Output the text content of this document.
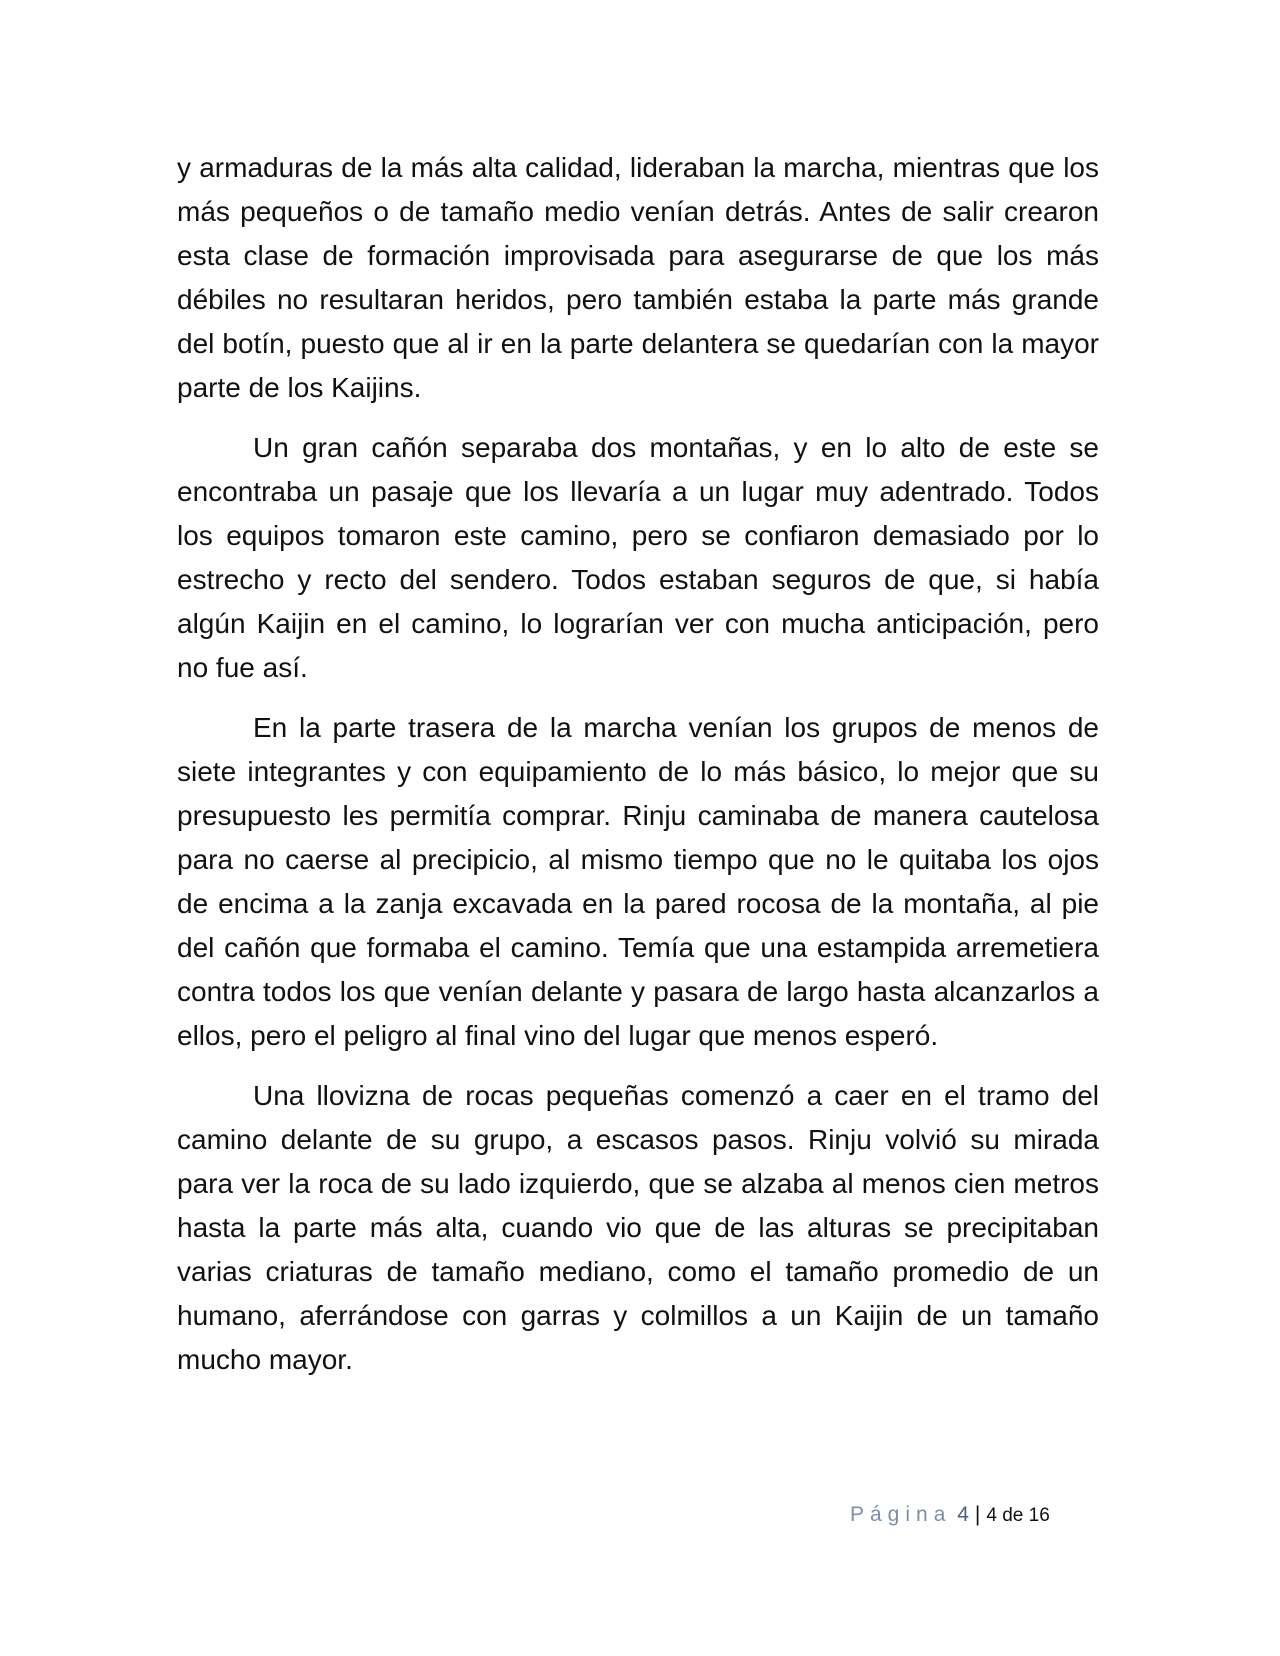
y armaduras de la más alta calidad, lideraban la marcha, mientras que los más pequeños o de tamaño medio venían detrás. Antes de salir crearon esta clase de formación improvisada para asegurarse de que los más débiles no resultaran heridos, pero también estaba la parte más grande del botín, puesto que al ir en la parte delantera se quedarían con la mayor parte de los Kaijins.

Un gran cañón separaba dos montañas, y en lo alto de este se encontraba un pasaje que los llevaría a un lugar muy adentrado. Todos los equipos tomaron este camino, pero se confiaron demasiado por lo estrecho y recto del sendero. Todos estaban seguros de que, si había algún Kaijin en el camino, lo lograrían ver con mucha anticipación, pero no fue así.

En la parte trasera de la marcha venían los grupos de menos de siete integrantes y con equipamiento de lo más básico, lo mejor que su presupuesto les permitía comprar. Rinju caminaba de manera cautelosa para no caerse al precipicio, al mismo tiempo que no le quitaba los ojos de encima a la zanja excavada en la pared rocosa de la montaña, al pie del cañón que formaba el camino. Temía que una estampida arremetiera contra todos los que venían delante y pasara de largo hasta alcanzarlos a ellos, pero el peligro al final vino del lugar que menos esperó.

Una llovizna de rocas pequeñas comenzó a caer en el tramo del camino delante de su grupo, a escasos pasos. Rinju volvió su mirada para ver la roca de su lado izquierdo, que se alzaba al menos cien metros hasta la parte más alta, cuando vio que de las alturas se precipitaban varias criaturas de tamaño mediano, como el tamaño promedio de un humano, aferrándose con garras y colmillos a un Kaijin de un tamaño mucho mayor.

Página 4 | 4 de 16
